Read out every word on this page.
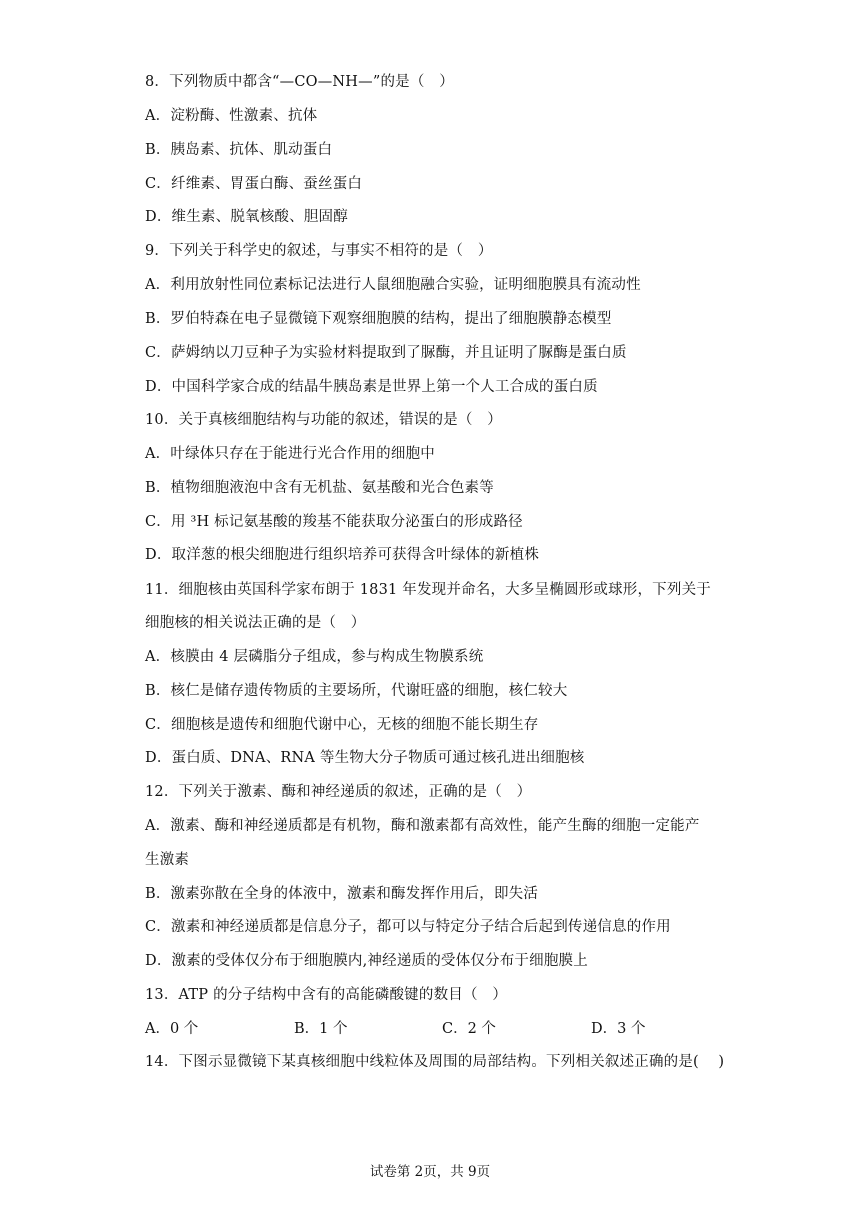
8．下列物质中都含“—CO—NH—”的是（　）
A．淀粉酶、性激素、抗体
B．胰岛素、抗体、肌动蛋白
C．纤维素、胃蛋白酶、蚕丝蛋白
D．维生素、脱氧核酸、胆固醇
9．下列关于科学史的叙述，与事实不相符的是（　）
A．利用放射性同位素标记法进行人鼠细胞融合实验，证明细胞膜具有流动性
B．罗伯特森在电子显微镜下观察细胞膜的结构，提出了细胞膜静态模型
C．萨姆纳以刀豆种子为实验材料提取到了脲酶，并且证明了脲酶是蛋白质
D．中国科学家合成的结晶牛胰岛素是世界上第一个人工合成的蛋白质
10．关于真核细胞结构与功能的叙述，错误的是（　）
A．叶绿体只存在于能进行光合作用的细胞中
B．植物细胞液泡中含有无机盐、氨基酸和光合色素等
C．用 ³H 标记氨基酸的羧基不能获取分泌蛋白的形成路径
D．取洋葱的根尖细胞进行组织培养可获得含叶绿体的新植株
11．细胞核由英国科学家布朗于 1831 年发现并命名，大多呈椭圆形或球形，下列关于
细胞核的相关说法正确的是（　）
A．核膜由 4 层磷脂分子组成，参与构成生物膜系统
B．核仁是储存遗传物质的主要场所，代谢旺盛的细胞，核仁较大
C．细胞核是遗传和细胞代谢中心，无核的细胞不能长期生存
D．蛋白质、DNA、RNA 等生物大分子物质可通过核孔进出细胞核
12．下列关于激素、酶和神经递质的叙述，正确的是（　）
A．激素、酶和神经递质都是有机物，酶和激素都有高效性，能产生酶的细胞一定能产
生激素
B．激素弥散在全身的体液中，激素和酶发挥作用后，即失活
C．激素和神经递质都是信息分子，都可以与特定分子结合后起到传递信息的作用
D．激素的受体仅分布于细胞膜内,神经递质的受体仅分布于细胞膜上
13．ATP 的分子结构中含有的高能磷酸键的数目（　）
A．0 个	B．1 个	C．2 个	D．3 个
14．下图示显微镜下某真核细胞中线粒体及周围的局部结构。下列相关叙述正确的是(　 )
试卷第 2页，共 9页
